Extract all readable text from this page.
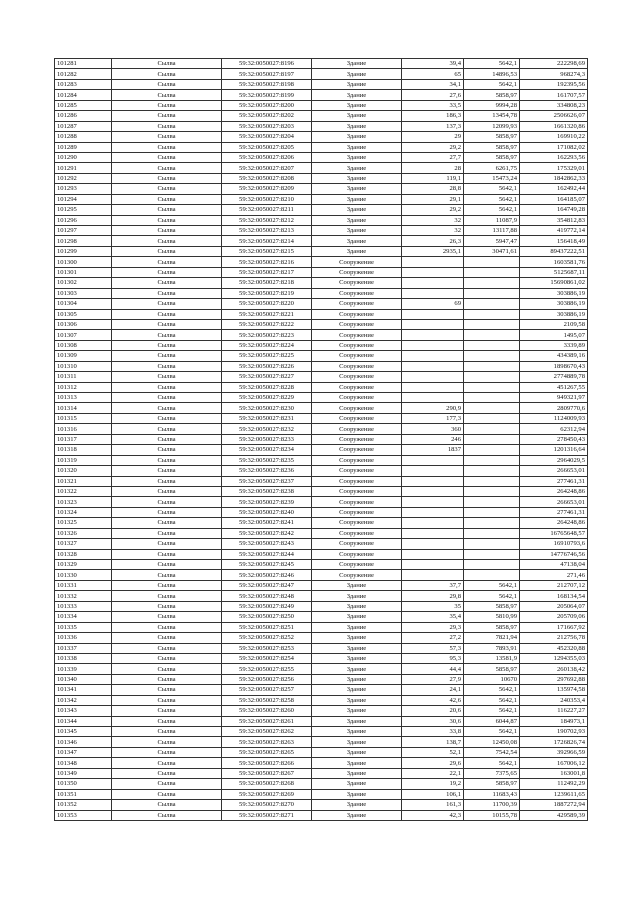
101281	Сылва	59:32:0050027:8196	Здание	39,4	5642,1	222298,69
101282	Сылва	59:32:0050027:8197	Здание	65	14896,53	968274,3
101283	Сылва	59:32:0050027:8198	Здание	34,1	5642,1	192395,56
101284	Сылва	59:32:0050027:8199	Здание	27,6	5858,97	161707,57
101285	Сылва	59:32:0050027:8200	Здание	33,5	9994,28	334808,23
101286	Сылва	59:32:0050027:8202	Здание	186,3	13454,78	2506626,07
101287	Сылва	59:32:0050027:8203	Здание	137,3	12099,93	1661320,86
101288	Сылва	59:32:0050027:8204	Здание	29	5858,97	169910,22
101289	Сылва	59:32:0050027:8205	Здание	29,2	5858,97	171082,02
101290	Сылва	59:32:0050027:8206	Здание	27,7	5858,97	162293,56
101291	Сылва	59:32:0050027:8207	Здание	28	6261,75	175329,01
101292	Сылва	59:32:0050027:8208	Здание	119,1	15473,24	1842862,33
101293	Сылва	59:32:0050027:8209	Здание	28,8	5642,1	162492,44
101294	Сылва	59:32:0050027:8210	Здание	29,1	5642,1	164185,07
101295	Сылва	59:32:0050027:8211	Здание	29,2	5642,1	164749,28
101296	Сылва	59:32:0050027:8212	Здание	32	11087,9	354812,83
101297	Сылва	59:32:0050027:8213	Здание	32	13117,88	419772,14
101298	Сылва	59:32:0050027:8214	Здание	26,3	5947,47	156418,49
101299	Сылва	59:32:0050027:8215	Здание	2935,1	30471,61	89437222,51
101300	Сылва	59:32:0050027:8216	Сооружение			1603581,76
101301	Сылва	59:32:0050027:8217	Сооружение			5125687,11
101302	Сылва	59:32:0050027:8218	Сооружение			15690861,02
101303	Сылва	59:32:0050027:8219	Сооружение			303886,19
101304	Сылва	59:32:0050027:8220	Сооружение	69		303886,19
101305	Сылва	59:32:0050027:8221	Сооружение			303886,19
101306	Сылва	59:32:0050027:8222	Сооружение			2109,58
101307	Сылва	59:32:0050027:8223	Сооружение			1495,07
101308	Сылва	59:32:0050027:8224	Сооружение			3339,89
101309	Сылва	59:32:0050027:8225	Сооружение			434389,16
101310	Сылва	59:32:0050027:8226	Сооружение			1898670,43
101311	Сылва	59:32:0050027:8227	Сооружение			2774889,78
101312	Сылва	59:32:0050027:8228	Сооружение			451267,55
101313	Сылва	59:32:0050027:8229	Сооружение			949321,97
101314	Сылва	59:32:0050027:8230	Сооружение	290,9		2809770,6
101315	Сылва	59:32:0050027:8231	Сооружение	177,3		1124009,93
101316	Сылва	59:32:0050027:8232	Сооружение	360		62312,94
101317	Сылва	59:32:0050027:8233	Сооружение	246		278450,43
101318	Сылва	59:32:0050027:8234	Сооружение	1837		1201316,64
101319	Сылва	59:32:0050027:8235	Сооружение			2964029,5
101320	Сылва	59:32:0050027:8236	Сооружение			266653,01
101321	Сылва	59:32:0050027:8237	Сооружение			277461,31
101322	Сылва	59:32:0050027:8238	Сооружение			264248,86
101323	Сылва	59:32:0050027:8239	Сооружение			266653,01
101324	Сылва	59:32:0050027:8240	Сооружение			277461,31
101325	Сылва	59:32:0050027:8241	Сооружение			264248,86
101326	Сылва	59:32:0050027:8242	Сооружение			16765648,57
101327	Сылва	59:32:0050027:8243	Сооружение			16910793,6
101328	Сылва	59:32:0050027:8244	Сооружение			14776746,56
101329	Сылва	59:32:0050027:8245	Сооружение			47138,04
101330	Сылва	59:32:0050027:8246	Сооружение			271,46
101331	Сылва	59:32:0050027:8247	Здание	37,7	5642,1	212707,12
101332	Сылва	59:32:0050027:8248	Здание	29,8	5642,1	168134,54
101333	Сылва	59:32:0050027:8249	Здание	35	5858,97	205064,07
101334	Сылва	59:32:0050027:8250	Здание	35,4	5810,99	205709,06
101335	Сылва	59:32:0050027:8251	Здание	29,3	5858,97	171667,92
101336	Сылва	59:32:0050027:8252	Здание	27,2	7821,94	212756,78
101337	Сылва	59:32:0050027:8253	Здание	57,3	7893,91	452320,88
101338	Сылва	59:32:0050027:8254	Здание	95,3	13581,9	1294355,03
101339	Сылва	59:32:0050027:8255	Здание	44,4	5858,97	260138,42
101340	Сылва	59:32:0050027:8256	Здание	27,9	10670	297692,88
101341	Сылва	59:32:0050027:8257	Здание	24,1	5642,1	135974,58
101342	Сылва	59:32:0050027:8258	Здание	42,6	5642,1	240353,4
101343	Сылва	59:32:0050027:8260	Здание	20,6	5642,1	116227,27
101344	Сылва	59:32:0050027:8261	Здание	30,6	6044,87	184973,1
101345	Сылва	59:32:0050027:8262	Здание	33,8	5642,1	190702,93
101346	Сылва	59:32:0050027:8263	Здание	138,7	12450,08	1726826,74
101347	Сылва	59:32:0050027:8265	Здание	52,1	7542,54	392966,59
101348	Сылва	59:32:0050027:8266	Здание	29,6	5642,1	167006,12
101349	Сылва	59:32:0050027:8267	Здание	22,1	7375,65	163001,8
101350	Сылва	59:32:0050027:8268	Здание	19,2	5858,97	112492,29
101351	Сылва	59:32:0050027:8269	Здание	106,1	11683,43	1239611,65
101352	Сылва	59:32:0050027:8270	Здание	161,3	11700,39	1887272,94
101353	Сылва	59:32:0050027:8271	Здание	42,3	10155,78	429589,39
